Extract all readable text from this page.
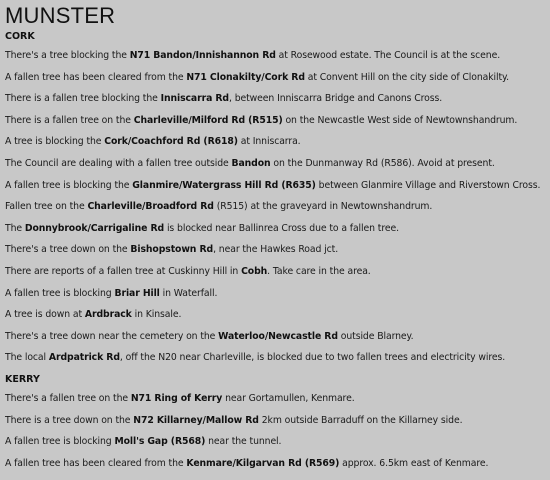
MUNSTER
CORK
There's a tree blocking the N71 Bandon/Innishannon Rd at Rosewood estate. The Council is at the scene.
A fallen tree has been cleared from the N71 Clonakilty/Cork Rd at Convent Hill on the city side of Clonakilty.
There is a fallen tree blocking the Inniscarra Rd, between Inniscarra Bridge and Canons Cross.
There is a fallen tree on the Charleville/Milford Rd (R515) on the Newcastle West side of Newtownshandrum.
A tree is blocking the Cork/Coachford Rd (R618) at Inniscarra.
The Council are dealing with a fallen tree outside Bandon on the Dunmanway Rd (R586). Avoid at present.
A fallen tree is blocking the Glanmire/Watergrass Hill Rd (R635) between Glanmire Village and Riverstown Cross.
Fallen tree on the Charleville/Broadford Rd (R515) at the graveyard in Newtownshandrum.
The Donnybrook/Carrigaline Rd is blocked near Ballinrea Cross due to a fallen tree.
There's a tree down on the Bishopstown Rd, near the Hawkes Road jct.
There are reports of a fallen tree at Cuskinny Hill in Cobh. Take care in the area.
A fallen tree is blocking Briar Hill in Waterfall.
A tree is down at Ardbrack in Kinsale.
There's a tree down near the cemetery on the Waterloo/Newcastle Rd outside Blarney.
The local Ardpatrick Rd, off the N20 near Charleville, is blocked due to two fallen trees and electricity wires.
KERRY
There's a fallen tree on the N71 Ring of Kerry near Gortamullen, Kenmare.
There is a tree down on the N72 Killarney/Mallow Rd 2km outside Barraduff on the Killarney side.
A fallen tree is blocking Moll's Gap (R568) near the tunnel.
A fallen tree has been cleared from the Kenmare/Kilgarvan Rd (R569) approx. 6.5km east of Kenmare.
